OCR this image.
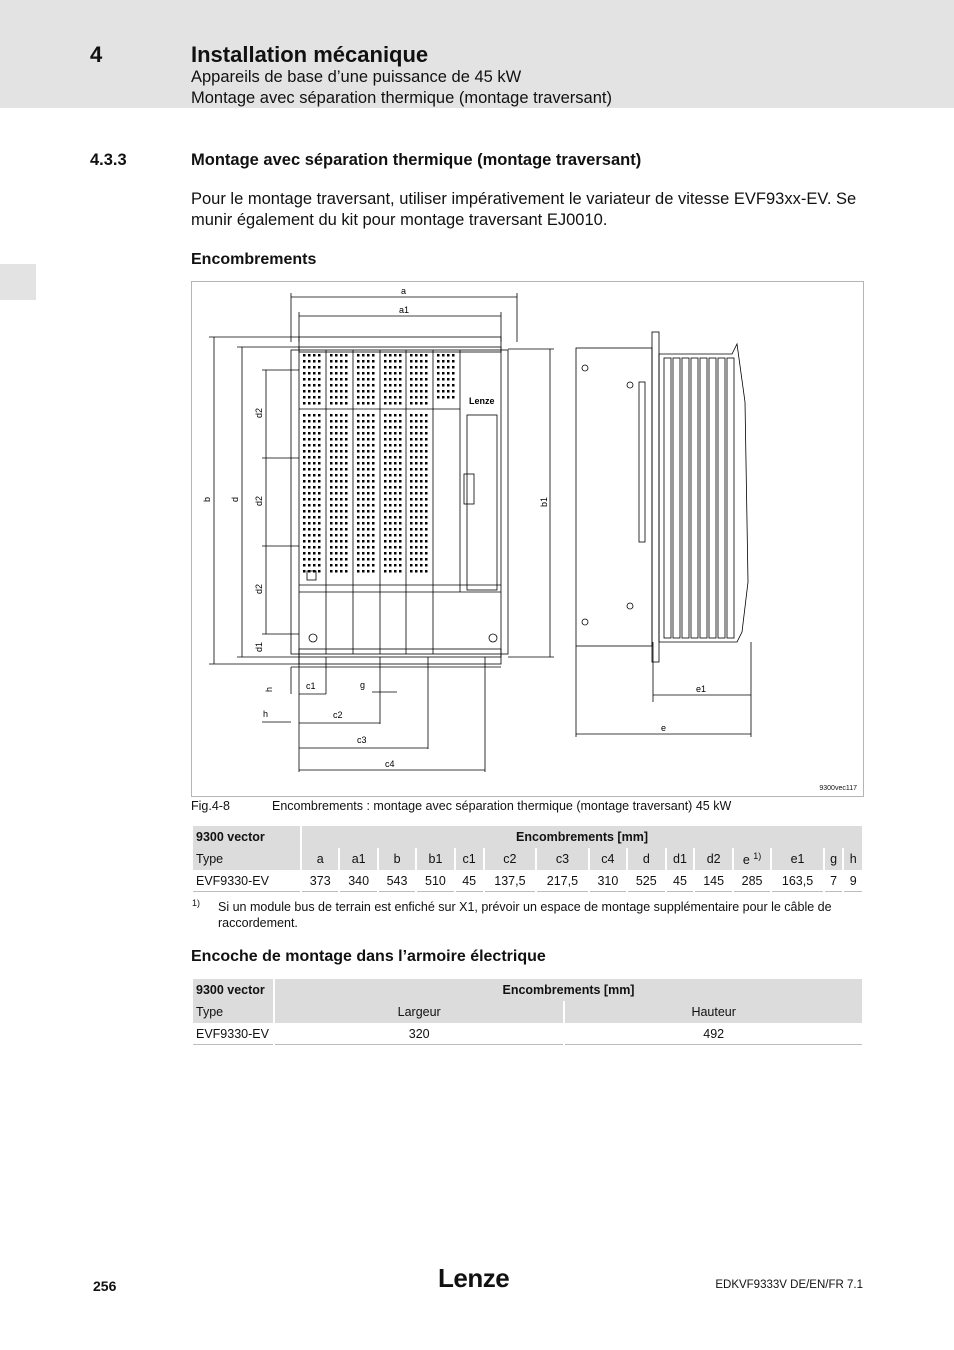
4	Installation mécanique
Appareils de base d’une puissance de 45 kW
Montage avec séparation thermique (montage traversant)
4.3.3	Montage avec séparation thermique (montage traversant)
Pour le montage traversant, utiliser impérativement le variateur de vitesse EVF93xx-EV. Se munir également du kit pour montage traversant EJ0010.
Encombrements
Lenze
a
a1
b d
d2
d2
d2
d1
b1
h	c1	g
h	c2
c3
c4
e1
e
9300vec117
Fig.4-8	Encombrements : montage avec séparation thermique (montage traversant) 45 kW
9300 vector	Encombrements [mm]														
Type	a	a1	b	b1	c1	c2	c3	c4	d	d1	d2	e $^{1)}$	e1	g	h
EVF9330-EV	373	340	543	510	45	137,5	217,5	310	525	45	145	285	163,5	7	9
1) Si un module bus de terrain est enfiché sur X1, prévoir un espace de montage supplémentaire pour le câble de raccordement.
Encoche de montage dans l’armoire électrique
9300 vector	Encombrements [mm]	
Type	Largeur	Hauteur
EVF9330-EV	320	492
256	Lenze	EDKVF9333V DE/EN/FR 7.1
